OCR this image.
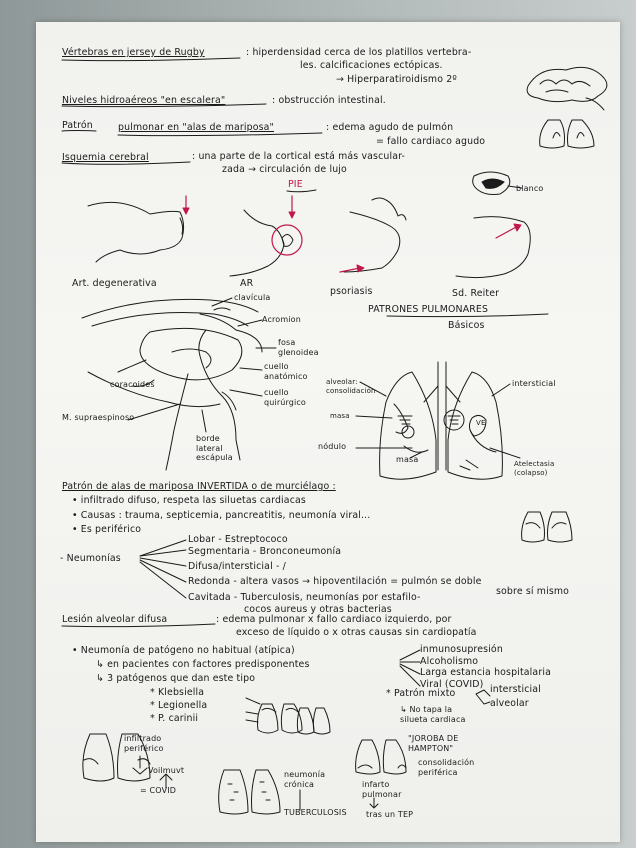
Vértebras en jersey de Rugby	: hiperdensidad cerca de los platillos vertebra-
les. calcificaciones ectópicas.
→ Hiperparatiroidismo 2º
Niveles hidroaéreos "en escalera"	: obstrucción intestinal.
Patrón	pulmonar en "alas de mariposa"	: edema agudo de pulmón
= fallo cardiaco agudo
Isquemia cerebral	: una parte de la cortical está más vascular-
zada → circulación de lujo
PIE	blanco
Art. degenerativa	AR
psoriasis	Sd. Reiter
clavícula
Acromion
fosa
glenoidea
cuello
anatómico
cuello
quirúrgico
coracoides
M. supraespinoso
borde
lateral
escápula
PATRONES PULMONARES
Básicos
alveolar:
consolidación
intersticial
masa
VE
nódulo
masa	Atelectasia
(colapso)
Patrón de alas de mariposa INVERTIDA o de murciélago :
• infiltrado difuso, respeta las siluetas cardiacas
• Causas : trauma, septicemia, pancreatitis, neumonía viral...
• Es periférico
- Neumonías
Lobar - Estreptococo
Segmentaria - Bronconeumonía
Difusa/intersticial - /
Redonda - altera vasos → hipoventilación = pulmón se doble
sobre sí mismo
Cavitada - Tuberculosis, neumonías por estafilo-
cocos aureus y otras bacterias
Lesión alveolar difusa	: edema pulmonar x fallo cardiaco izquierdo, por
exceso de líquido o x otras causas sin cardiopatía
• Neumonía de patógeno no habitual (atípica)
↳ en pacientes con factores predisponentes
↳ 3 patógenos que dan este tipo
inmunosupresión
Alcoholismo
Larga estancia hospitalaria
Viral (COVID)
* Klebsiella
* Legionella
* P. carinii
* Patrón mixto	intersticial
alveolar
↳ No tapa la
silueta cardiaca
infiltrado
periférico
Voilmuvt
= COVID
neumonía
crónica
TUBERCULOSIS
"JOROBA DE
HAMPTON"
consolidación
periférica
infarto
pulmonar
tras un TEP
